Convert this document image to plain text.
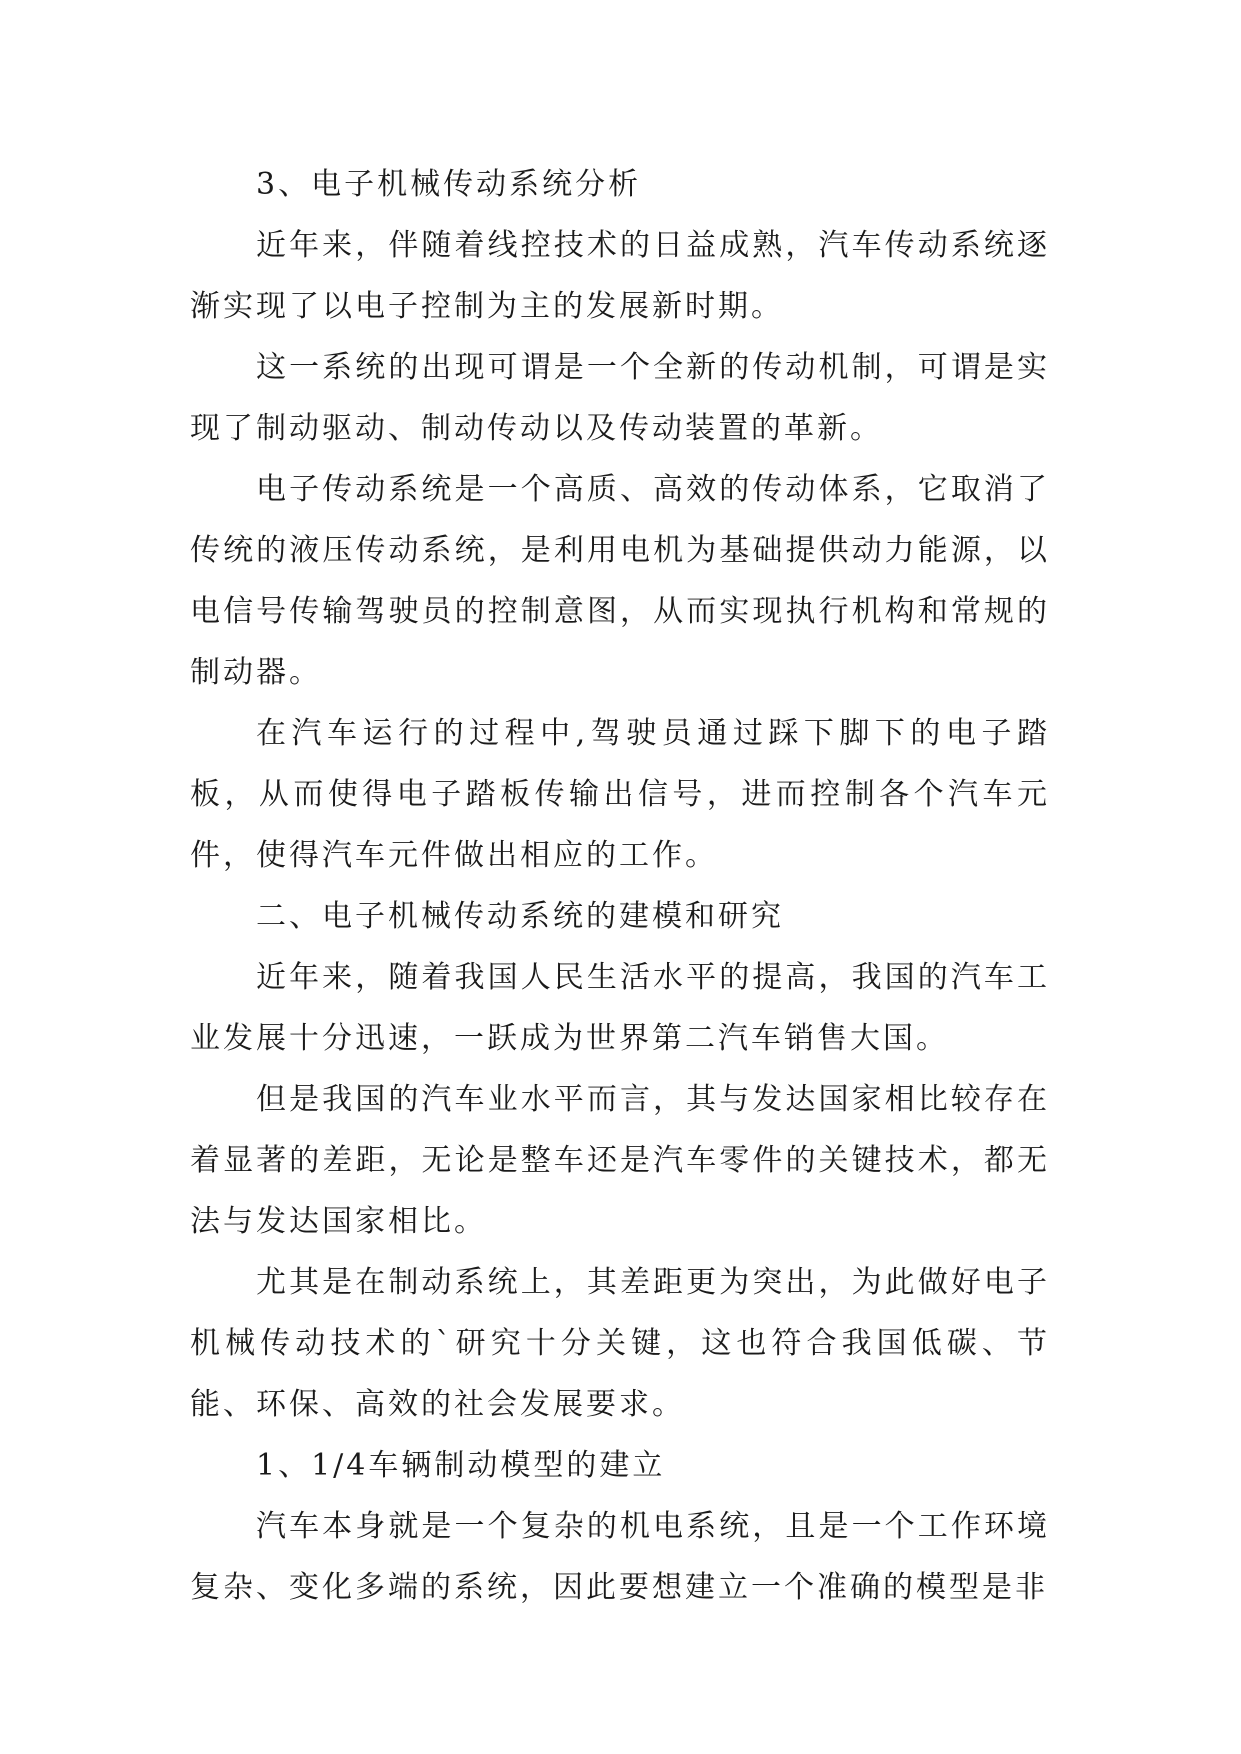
3、电子机械传动系统分析

近年来，伴随着线控技术的日益成熟，汽车传动系统逐渐实现了以电子控制为主的发展新时期。

这一系统的出现可谓是一个全新的传动机制，可谓是实现了制动驱动、制动传动以及传动装置的革新。

电子传动系统是一个高质、高效的传动体系，它取消了传统的液压传动系统，是利用电机为基础提供动力能源，以电信号传输驾驶员的控制意图，从而实现执行机构和常规的制动器。

在汽车运行的过程中,驾驶员通过踩下脚下的电子踏板，从而使得电子踏板传输出信号，进而控制各个汽车元件，使得汽车元件做出相应的工作。

二、电子机械传动系统的建模和研究

近年来，随着我国人民生活水平的提高，我国的汽车工业发展十分迅速，一跃成为世界第二汽车销售大国。

但是我国的汽车业水平而言，其与发达国家相比较存在着显著的差距，无论是整车还是汽车零件的关键技术，都无法与发达国家相比。

尤其是在制动系统上，其差距更为突出，为此做好电子机械传动技术的`研究十分关键，这也符合我国低碳、节能、环保、高效的社会发展要求。

1、1/4车辆制动模型的建立

汽车本身就是一个复杂的机电系统，且是一个工作环境复杂、变化多端的系统，因此要想建立一个准确的模型是非
